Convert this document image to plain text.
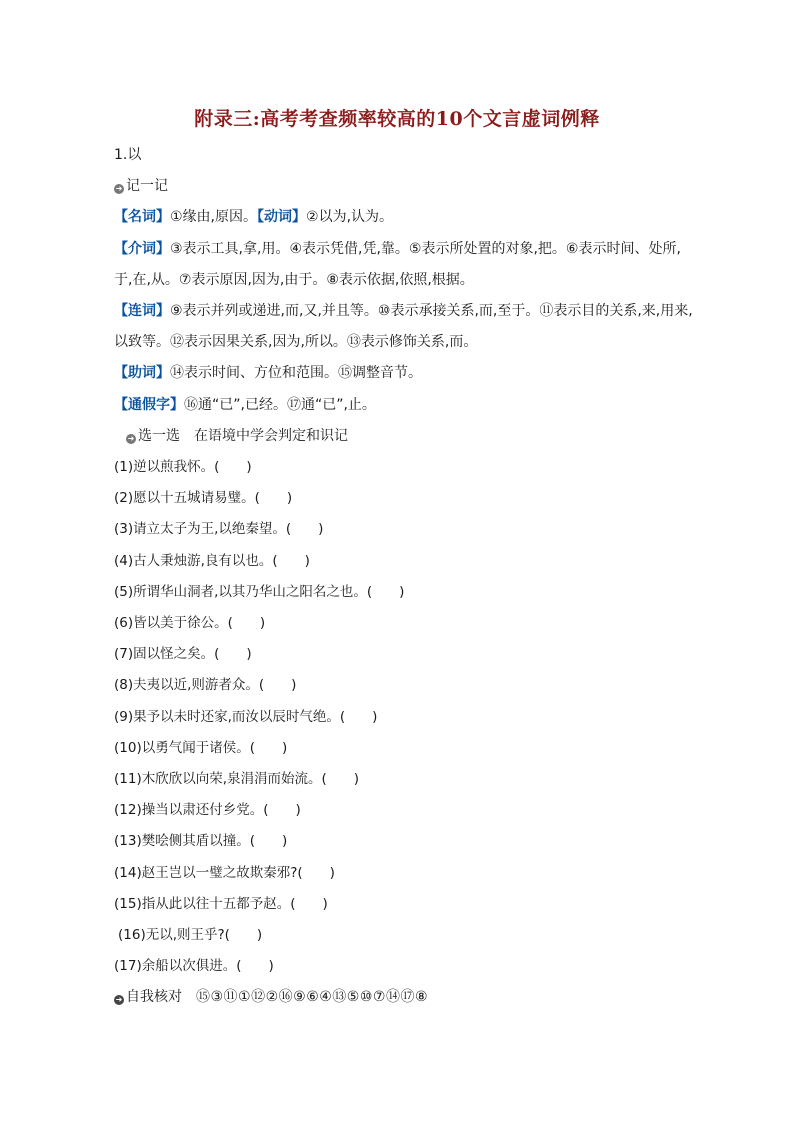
附录三:高考考查频率较高的10个文言虚词例释
1.以
➜ 记一记
【名词】①缘由,原因。【动词】②以为,认为。
【介词】③表示工具,拿,用。④表示凭借,凭,靠。⑤表示所处置的对象,把。⑥表示时间、处所,于,在,从。⑦表示原因,因为,由于。⑧表示依据,依照,根据。
【连词】⑨表示并列或递进,而,又,并且等。⑩表示承接关系,而,至于。⑪表示目的关系,来,用来,以致等。⑫表示因果关系,因为,所以。⑬表示修饰关系,而。
【助词】⑭表示时间、方位和范围。⑮调整音节。
【通假字】⑯通“已”,已经。⑰通“已”,止。
➜ 选一选　在语境中学会判定和识记
(1)逆以煎我怀。(　　)
(2)愿以十五城请易璧。(　　)
(3)请立太子为王,以绝秦望。(　　)
(4)古人秉烛游,良有以也。(　　)
(5)所谓华山洞者,以其乃华山之阳名之也。(　　)
(6)皆以美于徐公。(　　)
(7)固以怪之矣。(　　)
(8)夫夷以近,则游者众。(　　)
(9)果予以未时还家,而汝以辰时气绝。(　　)
(10)以勇气闻于诸侯。(　　)
(11)木欣欣以向荣,泉涓涓而始流。(　　)
(12)操当以肃还付乡党。(　　)
(13)樊哙侧其盾以撞。(　　)
(14)赵王岂以一璧之故欺秦邪?(　　)
(15)指从此以往十五都予赵。(　　)
(16)无以,则王乎?(　　)
(17)余船以次俱进。(　　)
➜ 自我核对 ⑮③⑪①⑫②⑯⑨⑥④⑬⑤⑩⑦⑭⑰⑧
